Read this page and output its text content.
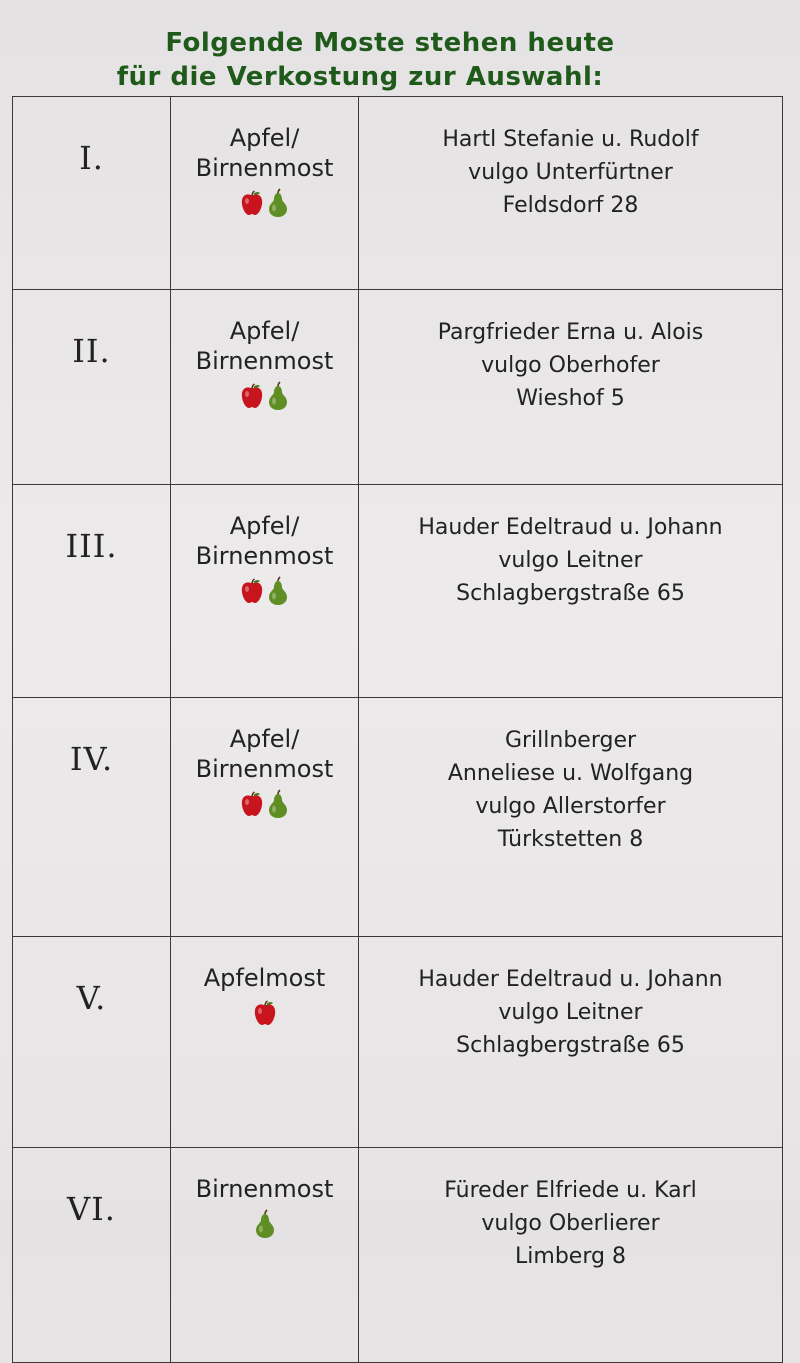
Folgende Moste stehen heute
für die Verkostung zur Auswahl:
I.	Apfel/
Birnenmost	Hartl Stefanie u. Rudolf
vulgo Unterfürtner
Feldsdorf 28

II.	Apfel/
Birnenmost	Pargfrieder Erna u. Alois
vulgo Oberhofer
Wieshof 5

III.	Apfel/
Birnenmost	Hauder Edeltraud u. Johann
vulgo Leitner
Schlagbergstraße 65

IV.	Apfel/
Birnenmost	Grillnberger
Anneliese u. Wolfgang
vulgo Allerstorfer
Türkstetten 8

V.	Apfelmost	Hauder Edeltraud u. Johann
vulgo Leitner
Schlagbergstraße 65

VI.	Birnenmost	Füreder Elfriede u. Karl
vulgo Oberlierer
Limberg 8
